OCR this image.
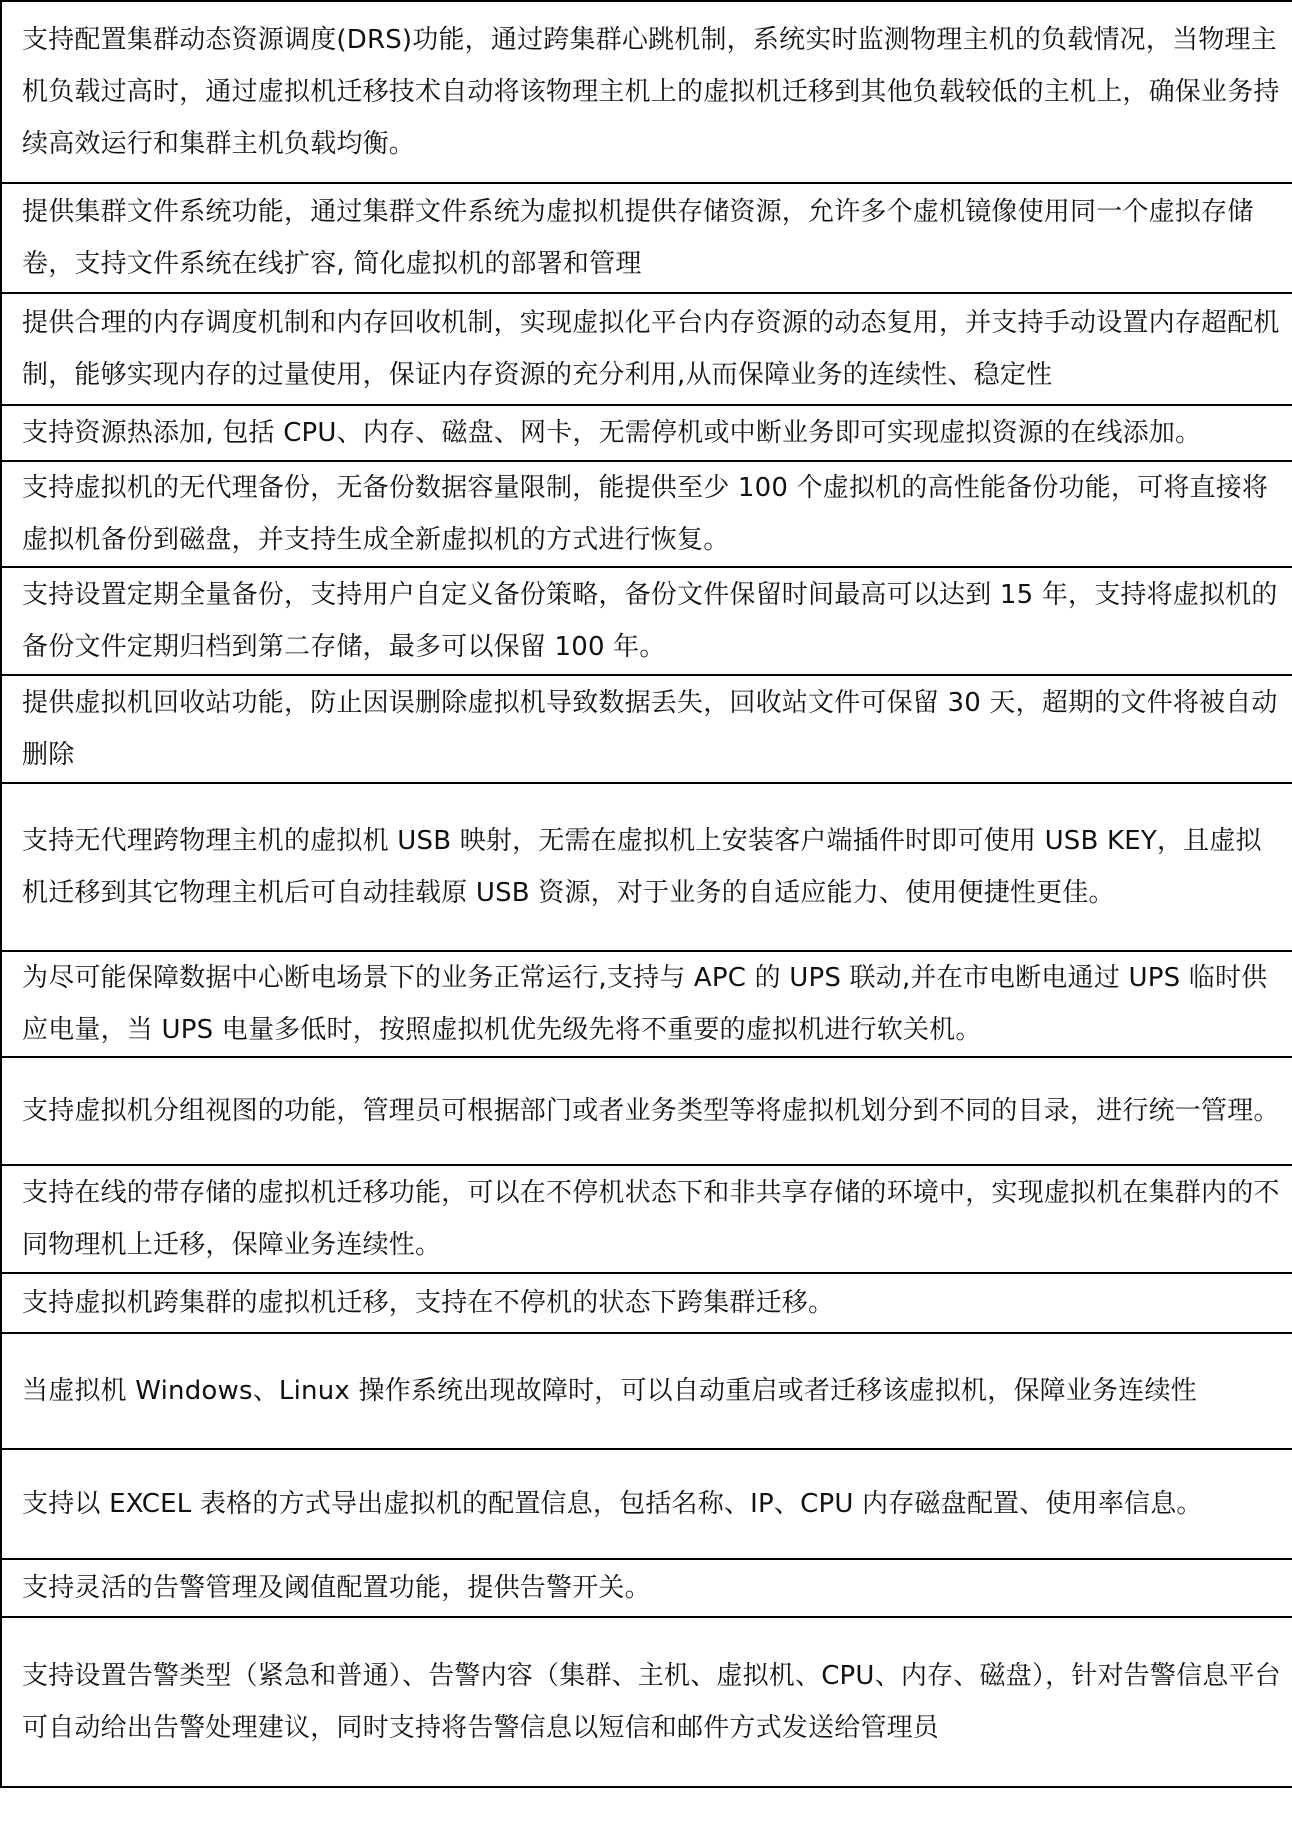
支持配置集群动态资源调度(DRS)功能，通过跨集群心跳机制，系统实时监测物理主机的负载情况，当物理主机负载过高时，通过虚拟机迁移技术自动将该物理主机上的虚拟机迁移到其他负载较低的主机上，确保业务持续高效运行和集群主机负载均衡。
提供集群文件系统功能，通过集群文件系统为虚拟机提供存储资源，允许多个虚机镜像使用同一个虚拟存储卷，支持文件系统在线扩容, 简化虚拟机的部署和管理
提供合理的内存调度机制和内存回收机制，实现虚拟化平台内存资源的动态复用，并支持手动设置内存超配机制，能够实现内存的过量使用，保证内存资源的充分利用,从而保障业务的连续性、稳定性
支持资源热添加, 包括 CPU、内存、磁盘、网卡，无需停机或中断业务即可实现虚拟资源的在线添加。
支持虚拟机的无代理备份，无备份数据容量限制，能提供至少 100 个虚拟机的高性能备份功能，可将直接将虚拟机备份到磁盘，并支持生成全新虚拟机的方式进行恢复。
支持设置定期全量备份，支持用户自定义备份策略，备份文件保留时间最高可以达到 15 年，支持将虚拟机的备份文件定期归档到第二存储，最多可以保留 100 年。
提供虚拟机回收站功能，防止因误删除虚拟机导致数据丢失，回收站文件可保留 30 天，超期的文件将被自动删除
支持无代理跨物理主机的虚拟机 USB 映射，无需在虚拟机上安装客户端插件时即可使用 USB KEY，且虚拟机迁移到其它物理主机后可自动挂载原 USB 资源，对于业务的自适应能力、使用便捷性更佳。
为尽可能保障数据中心断电场景下的业务正常运行,支持与 APC 的 UPS 联动,并在市电断电通过 UPS 临时供应电量，当 UPS 电量多低时，按照虚拟机优先级先将不重要的虚拟机进行软关机。
支持虚拟机分组视图的功能，管理员可根据部门或者业务类型等将虚拟机划分到不同的目录，进行统一管理。
支持在线的带存储的虚拟机迁移功能，可以在不停机状态下和非共享存储的环境中，实现虚拟机在集群内的不同物理机上迁移，保障业务连续性。
支持虚拟机跨集群的虚拟机迁移，支持在不停机的状态下跨集群迁移。
当虚拟机 Windows、Linux 操作系统出现故障时，可以自动重启或者迁移该虚拟机，保障业务连续性
支持以 EXCEL 表格的方式导出虚拟机的配置信息，包括名称、IP、CPU 内存磁盘配置、使用率信息。
支持灵活的告警管理及阈值配置功能，提供告警开关。
支持设置告警类型（紧急和普通）、告警内容（集群、主机、虚拟机、CPU、内存、磁盘），针对告警信息平台可自动给出告警处理建议，同时支持将告警信息以短信和邮件方式发送给管理员
